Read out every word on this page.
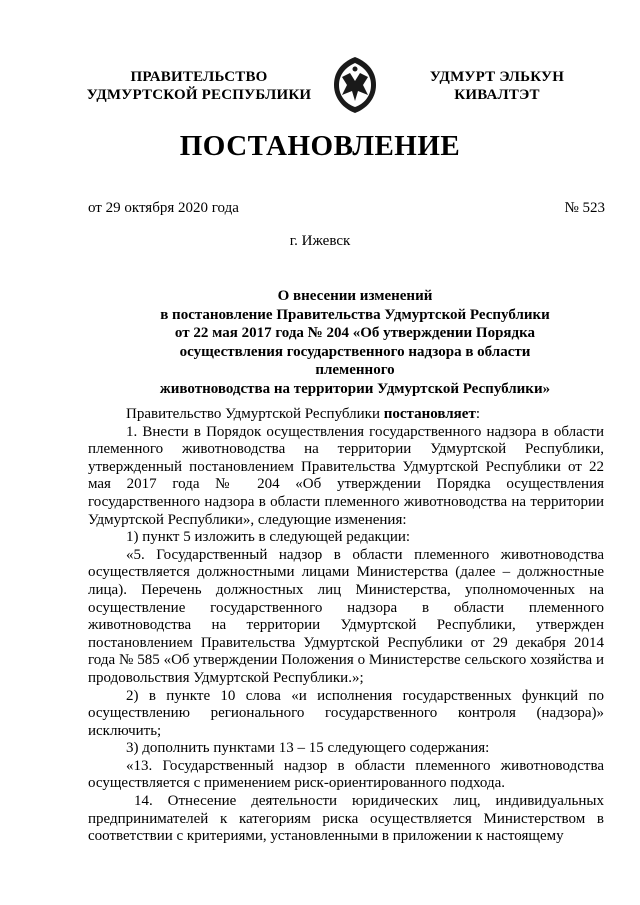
ПРАВИТЕЛЬСТВО
УДМУРТСКОЙ РЕСПУБЛИКИ
УДМУРТ ЭЛЬКУН
КИВАЛТЭТ
ПОСТАНОВЛЕНИЕ
от 29 октября 2020 года	№ 523
г. Ижевск
О внесении изменений
в постановление Правительства Удмуртской Республики
от 22 мая 2017 года № 204 «Об утверждении Порядка
осуществления государственного надзора в области племенного
животноводства на территории Удмуртской Республики»

Правительство Удмуртской Республики постановляет:

1. Внести в Порядок осуществления государственного надзора в области племенного животноводства на территории Удмуртской Республики, утвержденный постановлением Правительства Удмуртской Республики от 22 мая 2017 года № 204 «Об утверждении Порядка осуществления государственного надзора в области племенного животноводства на территории Удмуртской Республики», следующие изменения:

1) пункт 5 изложить в следующей редакции:

«5. Государственный надзор в области племенного животноводства осуществляется должностными лицами Министерства (далее – должностные лица). Перечень должностных лиц Министерства, уполномоченных на осуществление государственного надзора в области племенного животноводства на территории Удмуртской Республики, утвержден постановлением Правительства Удмуртской Республики от 29 декабря 2014 года № 585 «Об утверждении Положения о Министерстве сельского хозяйства и продовольствия Удмуртской Республики.»;

2) в пункте 10 слова «и исполнения государственных функций по осуществлению регионального государственного контроля (надзора)» исключить;

3) дополнить пунктами 13 – 15 следующего содержания:

«13. Государственный надзор в области племенного животноводства осуществляется с применением риск-ориентированного подхода.

14. Отнесение деятельности юридических лиц, индивидуальных предпринимателей к категориям риска осуществляется Министерством в соответствии с критериями, установленными в приложении к настоящему
